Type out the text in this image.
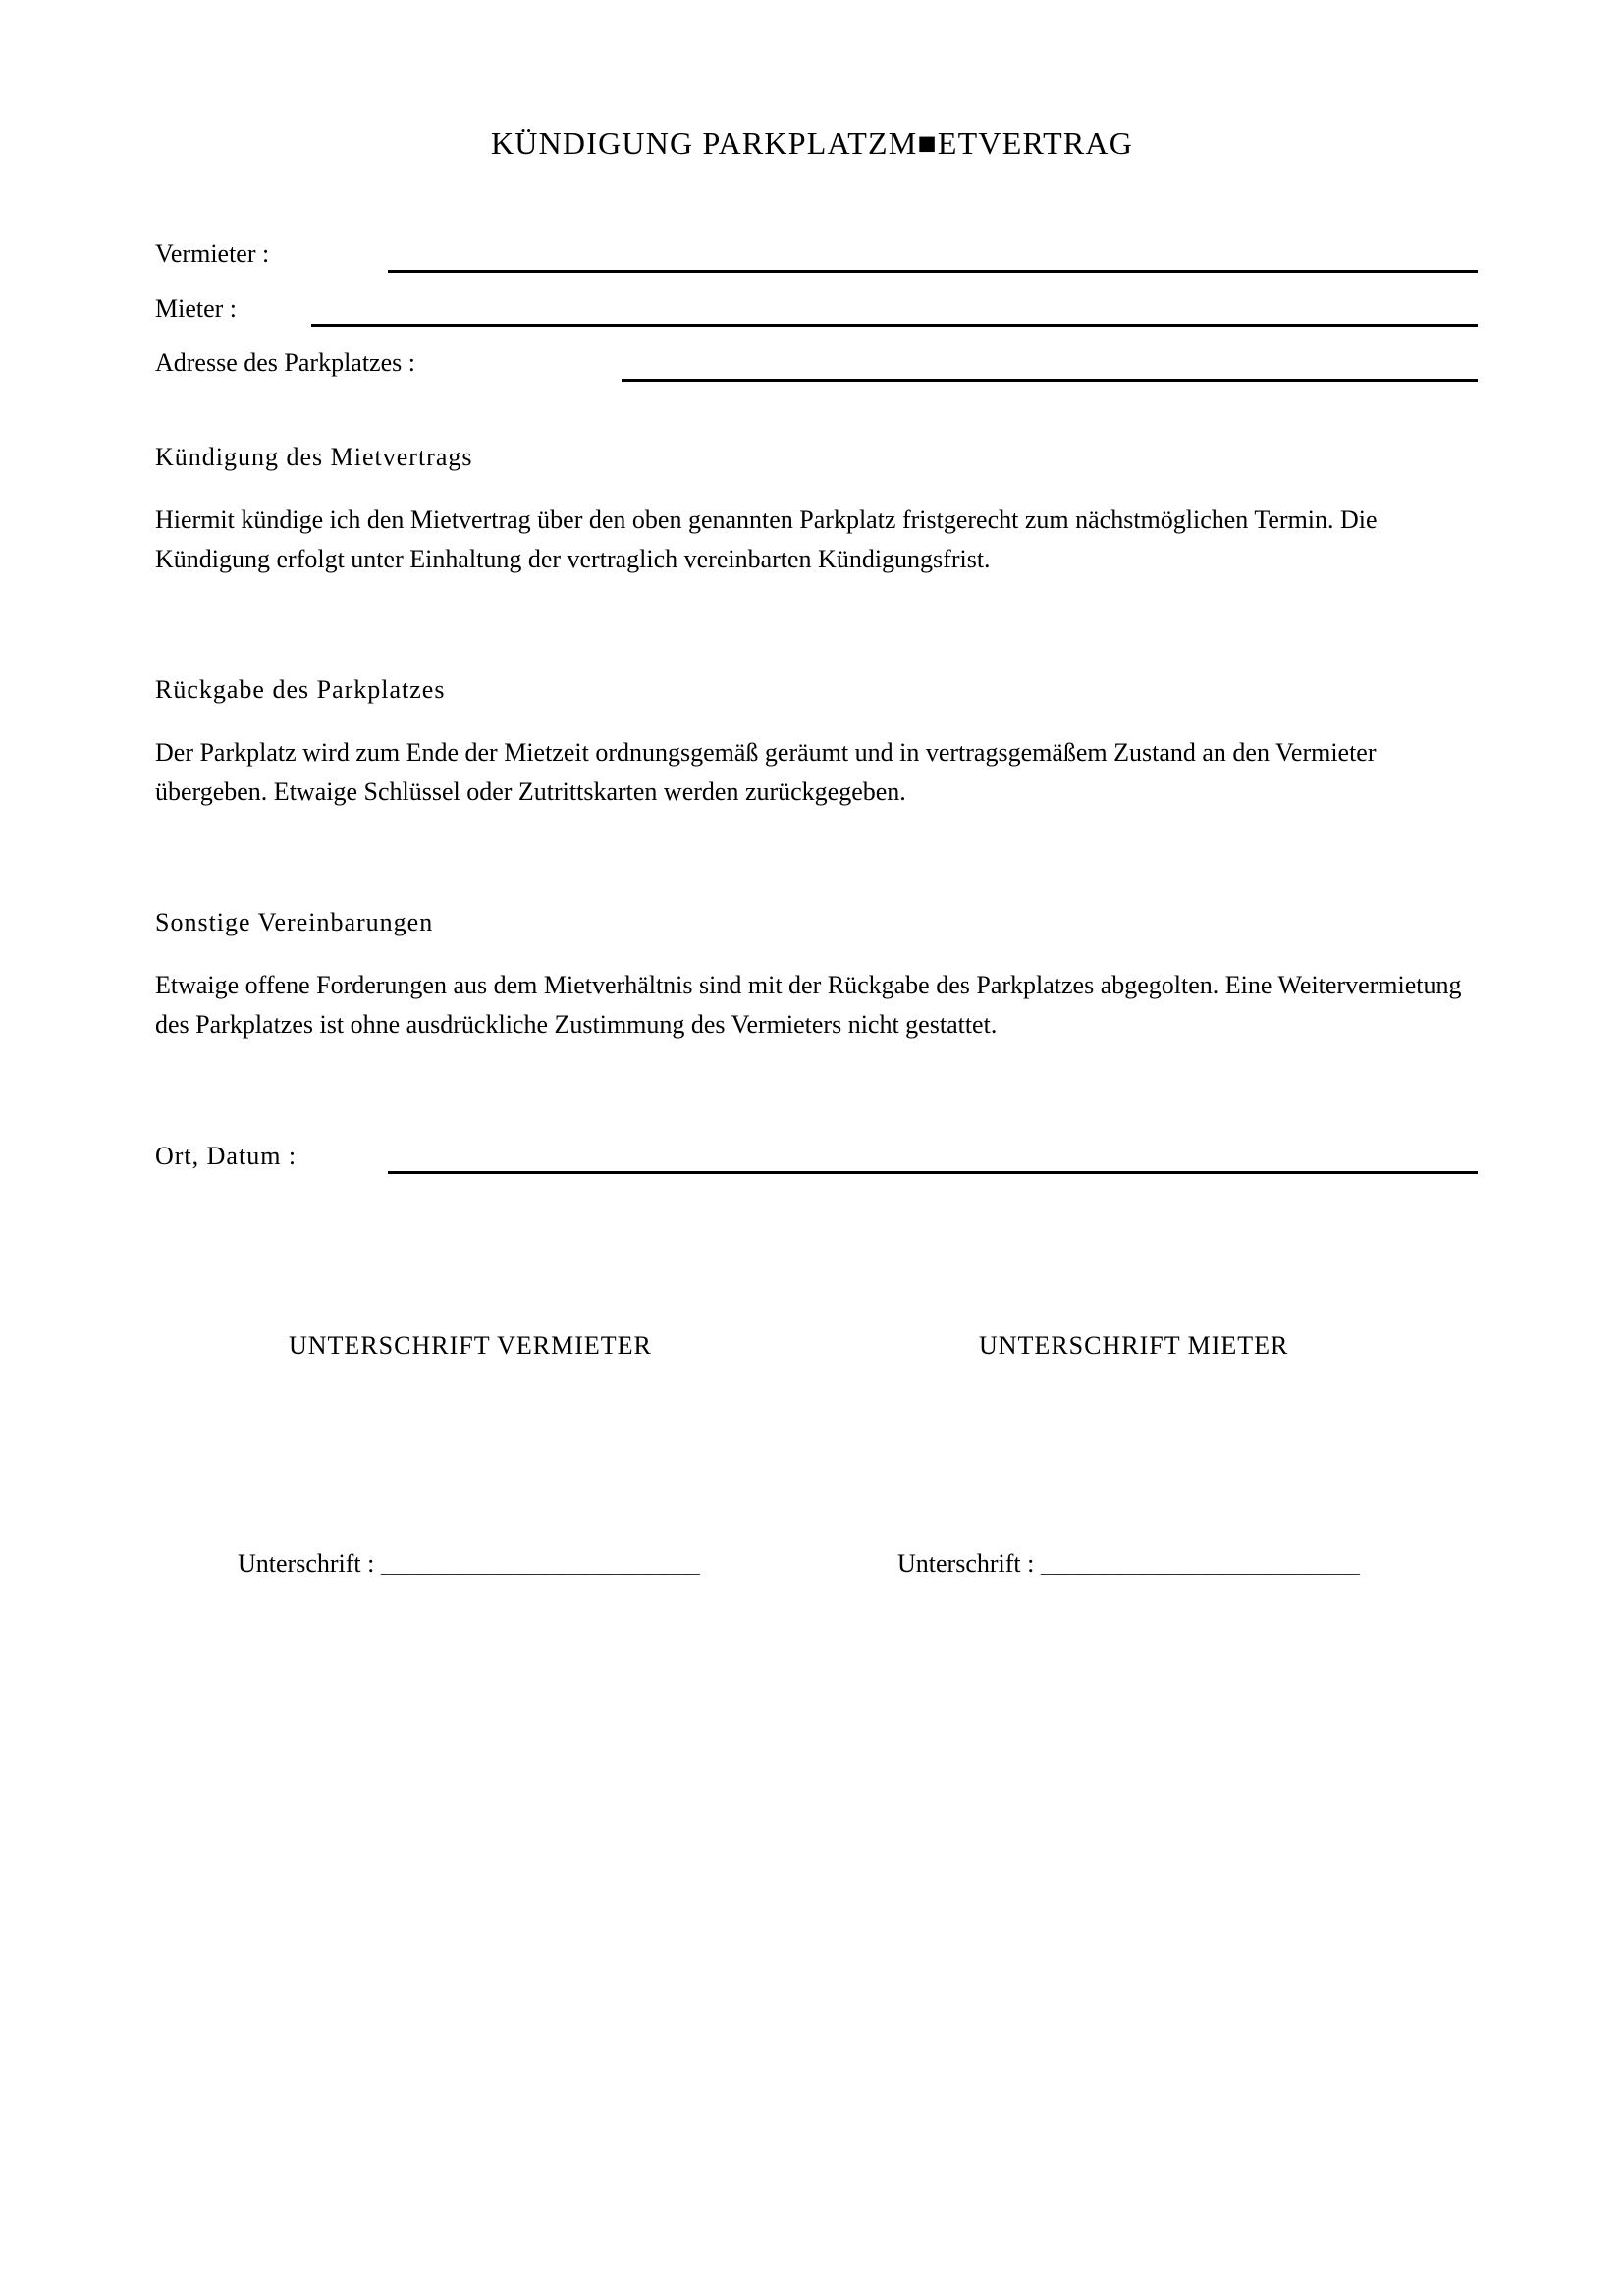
KÜNDIGUNG PARKPLATZM■ETVERTRAG
Vermieter :
Mieter :
Adresse des Parkplatzes :
Kündigung des Mietvertrags

Hiermit kündige ich den Mietvertrag über den oben genannten Parkplatz fristgerecht zum nächstmöglichen Termin. Die Kündigung erfolgt unter Einhaltung der vertraglich vereinbarten Kündigungsfrist.

Rückgabe des Parkplatzes

Der Parkplatz wird zum Ende der Mietzeit ordnungsgemäß geräumt und in vertragsgemäßem Zustand an den Vermieter übergeben. Etwaige Schlüssel oder Zutrittskarten werden zurückgegeben.

Sonstige Vereinbarungen

Etwaige offene Forderungen aus dem Mietverhältnis sind mit der Rückgabe des Parkplatzes abgegolten. Eine Weitervermietung des Parkplatzes ist ohne ausdrückliche Zustimmung des Vermieters nicht gestattet.

Ort, Datum :
UNTERSCHRIFT VERMIETER	UNTERSCHRIFT MIETER
Unterschrift : _________________________	Unterschrift : _________________________
